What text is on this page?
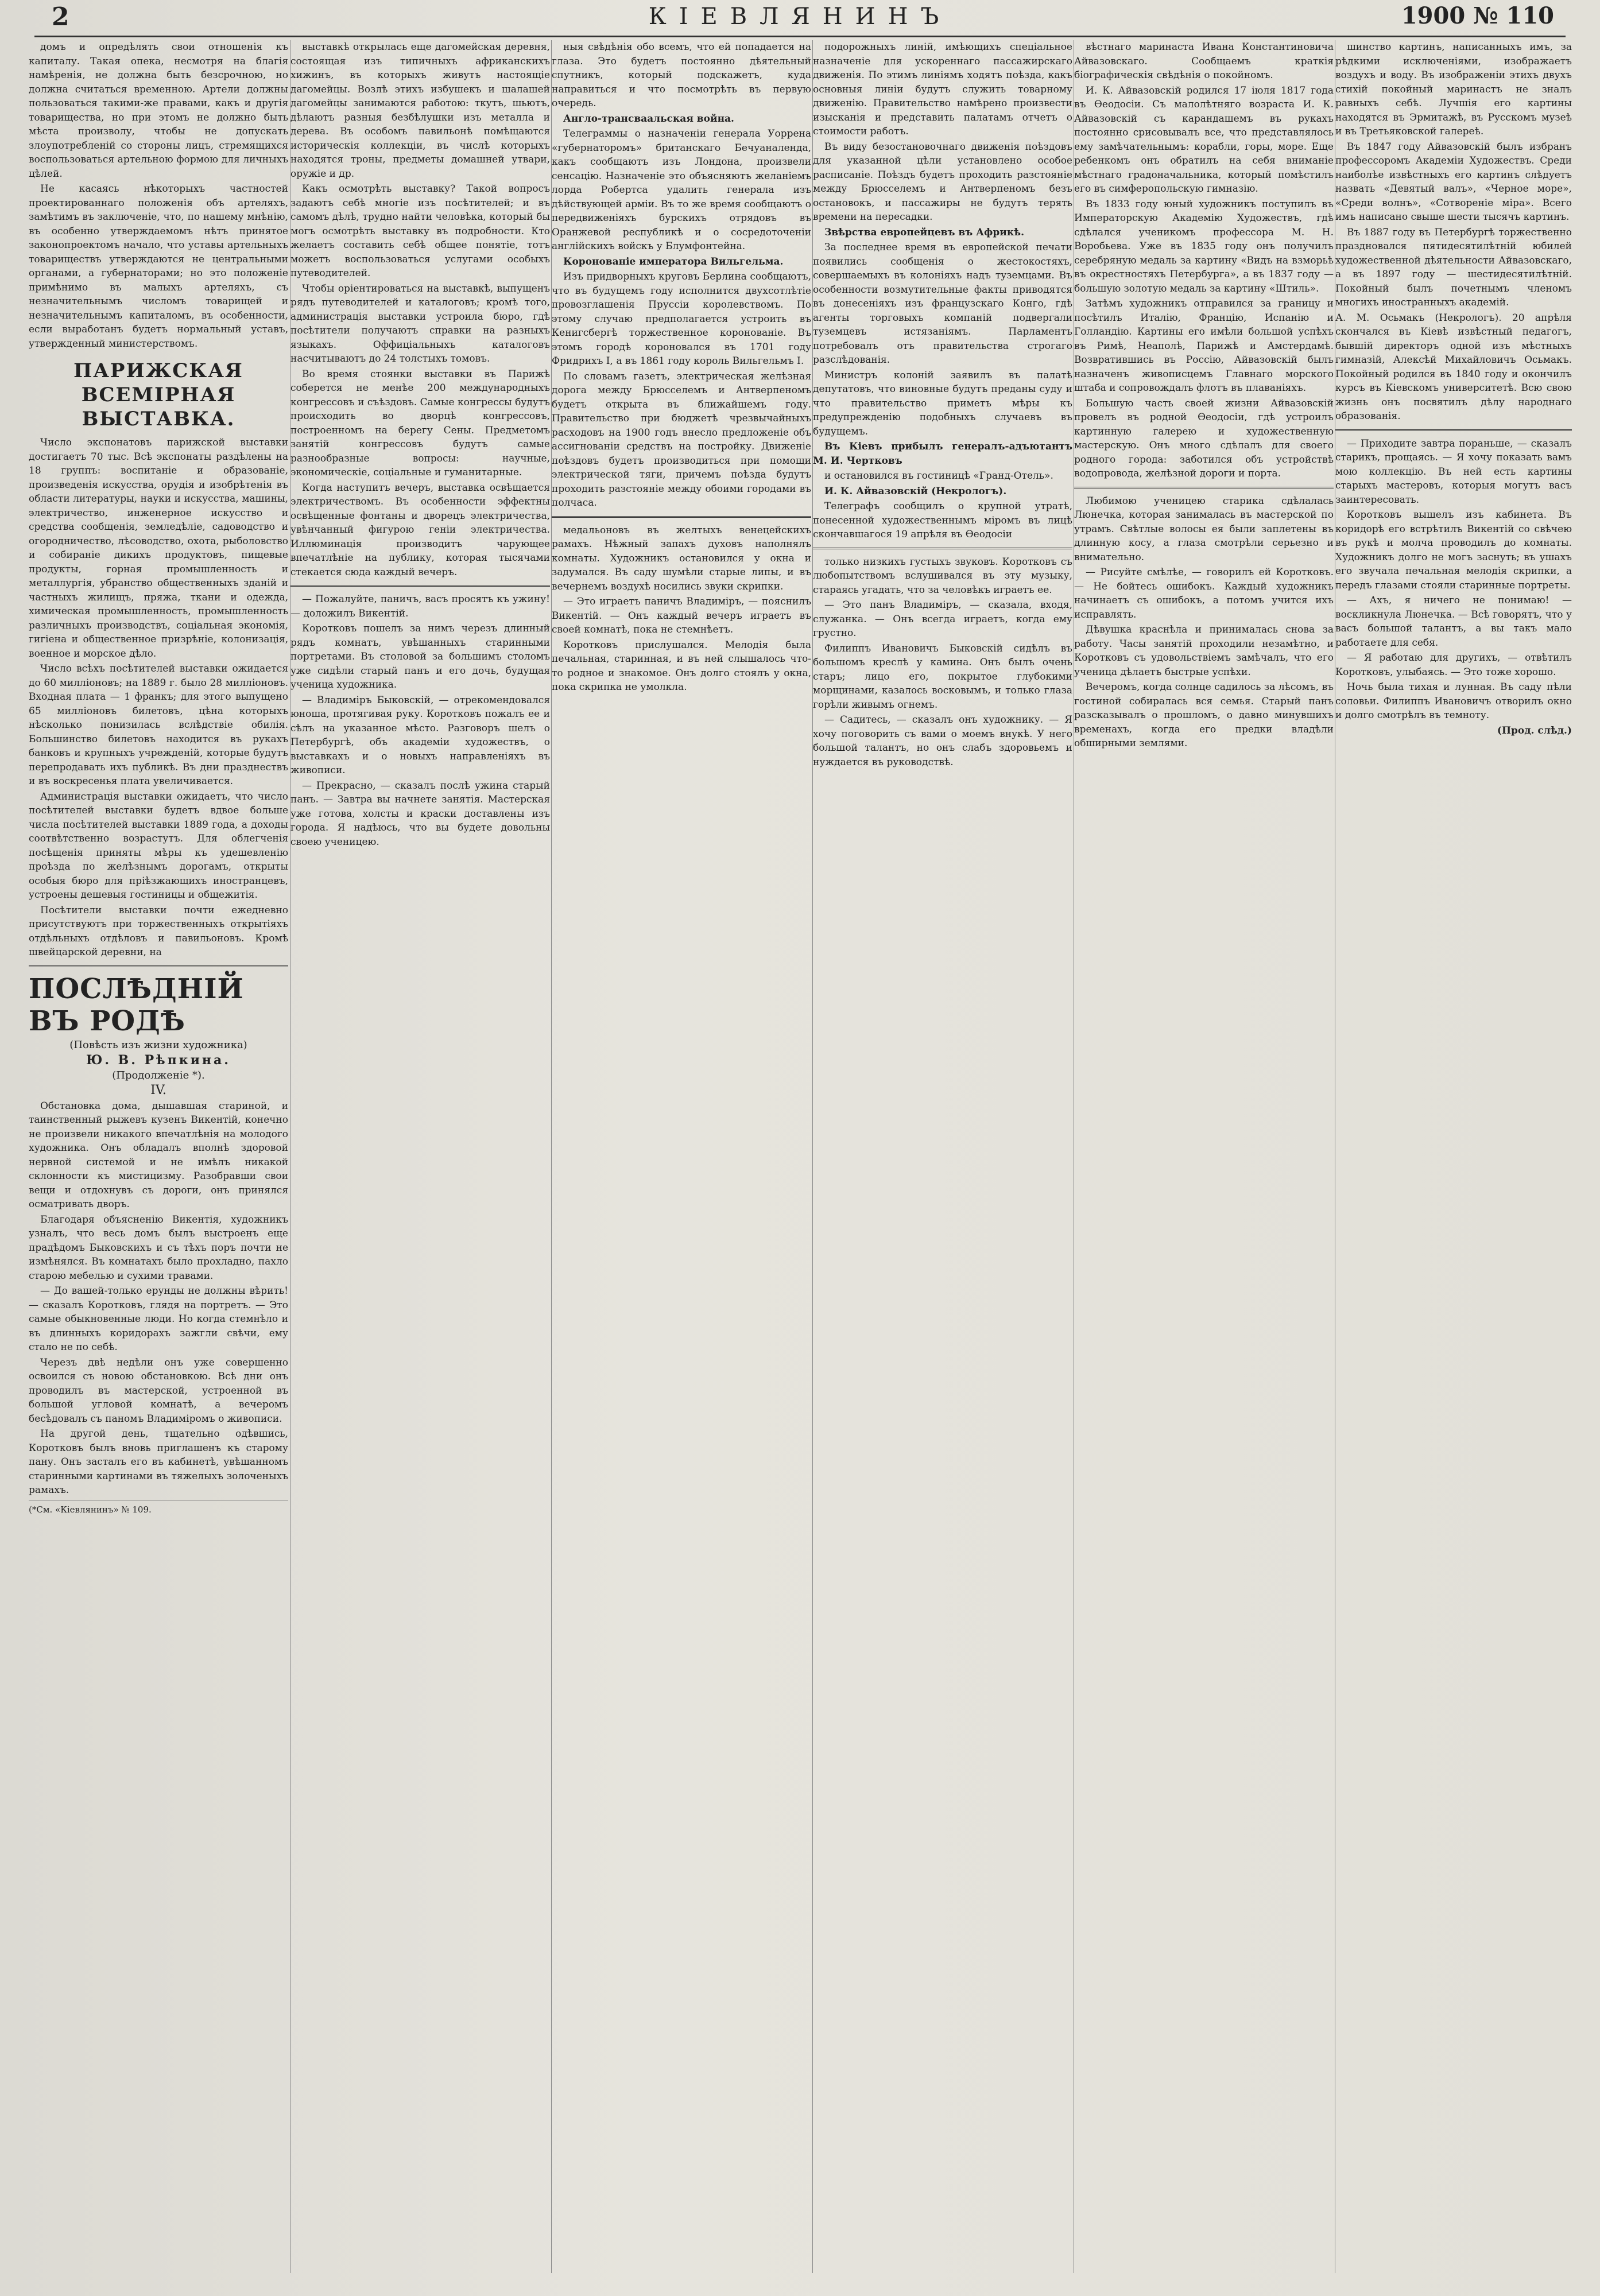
2	КІЕВЛЯНИНЪ	1900 № 110

домъ и опредѣлять свои отношенія къ капиталу. Такая опека, несмотря на благія намѣренія, не должна быть безсрочною, но должна считаться временною. Артели должны пользоваться такими-же правами, какъ и другія товарищества, но при этомъ не должно быть мѣста произволу, чтобы не допускать злоупотребленій со стороны лицъ, стремящихся воспользоваться артельною формою для личныхъ цѣлей.

Не касаясь нѣкоторыхъ частностей проектированнаго положенія объ артеляхъ, замѣтимъ въ заключеніе, что, по нашему мнѣнію, въ особенно утверждаемомъ нѣтъ принятое законопроектомъ начало, что уставы артельныхъ товариществъ утверждаются не центральными органами, а губернаторами; но это положеніе примѣнимо въ малыхъ артеляхъ, съ незначительнымъ числомъ товарищей и незначительнымъ капиталомъ, въ особенности, если выработанъ будетъ нормальный уставъ, утвержденный министерствомъ.

ПАРИЖСКАЯ ВСЕМІРНАЯ ВЫСТАВКА.

Число экспонатовъ парижской выставки достигаетъ 70 тыс. Всѣ экспонаты раздѣлены на 18 группъ: воспитаніе и образованіе, произведенія искусства, орудія и изобрѣтенія въ области литературы, науки и искусства, машины, электричество, инженерное искусство и средства сообщенія, земледѣліе, садоводство и огородничество, лѣсоводство, охота, рыболовство и собираніе дикихъ продуктовъ, пищевые продукты, горная промышленность и металлургія, убранство общественныхъ зданій и частныхъ жилищъ, пряжа, ткани и одежда, химическая промышленность, промышленность различныхъ производствъ, соціальная экономія, гигіена и общественное призрѣніе, колонизація, военное и морское дѣло.

Число всѣхъ посѣтителей выставки ожидается до 60 милліоновъ; на 1889 г. было 28 милліоновъ. Входная плата — 1 франкъ; для этого выпущено 65 милліоновъ билетовъ, цѣна которыхъ нѣсколько понизилась вслѣдствіе обилія. Большинство билетовъ находится въ рукахъ банковъ и крупныхъ учрежденій, которые будутъ перепродавать ихъ публикѣ. Въ дни празднествъ и въ воскресенья плата увеличивается.

Администрація выставки ожидаетъ, что число посѣтителей выставки будетъ вдвое больше числа посѣтителей выставки 1889 года, а доходы соотвѣтственно возрастутъ. Для облегченія посѣщенія приняты мѣры къ удешевленію проѣзда по желѣзнымъ дорогамъ, открыты особыя бюро для пріѣзжающихъ иностранцевъ, устроены дешевыя гостиницы и общежитія.

Посѣтители выставки почти ежедневно присутствуютъ при торжественныхъ открытіяхъ отдѣльныхъ отдѣловъ и павильоновъ. Кромѣ швейцарской деревни, на

ПОСЛѢДНІЙ ВЪ РОДѢ

(Повѣсть изъ жизни художника)

Ю. В. Рѣпкина.

(Продолженіе *).

IV.

Обстановка дома, дышавшая стариной, и таинственный рыжевъ кузенъ Викентій, конечно не произвели никакого впечатлѣнія на молодого художника. Онъ обладалъ вполнѣ здоровой нервной системой и не имѣлъ никакой склонности къ мистицизму. Разобравши свои вещи и отдохнувъ съ дороги, онъ принялся осматривать дворъ.

Благодаря объясненію Викентія, художникъ узналъ, что весь домъ былъ выстроенъ еще прадѣдомъ Быковскихъ и съ тѣхъ поръ почти не измѣнялся. Въ комнатахъ было прохладно, пахло старою мебелью и сухими травами.

— До вашей-только ерунды не должны вѣрить! — сказалъ Коротковъ, глядя на портретъ. — Это самые обыкновенные люди. Но когда стемнѣло и въ длинныхъ коридорахъ зажгли свѣчи, ему стало не по себѣ.

Черезъ двѣ недѣли онъ уже совершенно освоился съ новою обстановкою. Всѣ дни онъ проводилъ въ мастерской, устроенной въ большой угловой комнатѣ, а вечеромъ бесѣдовалъ съ паномъ Владиміромъ о живописи.

На другой день, тщательно одѣвшись, Коротковъ былъ вновь приглашенъ къ старому пану. Онъ засталъ его въ кабинетѣ, увѣшанномъ старинными картинами въ тяжелыхъ золоченыхъ рамахъ.

(*См. «Кіевлянинъ» № 109.

выставкѣ открылась еще дагомейская деревня, состоящая изъ типичныхъ африканскихъ хижинъ, въ которыхъ живутъ настоящіе дагомейцы. Возлѣ этихъ избушекъ и шалашей дагомейцы занимаются работою: ткутъ, шьютъ, дѣлаютъ разныя безбѣлушки изъ металла и дерева. Въ особомъ павильонѣ помѣщаются историческія коллекціи, въ числѣ которыхъ находятся троны, предметы домашней утвари, оружіе и др.

Какъ осмотрѣть выставку? Такой вопросъ задаютъ себѣ многіе изъ посѣтителей; и въ самомъ дѣлѣ, трудно найти человѣка, который бы могъ осмотрѣть выставку въ подробности. Кто желаетъ составить себѣ общее понятіе, тотъ можетъ воспользоваться услугами особыхъ путеводителей.

Чтобы оріентироваться на выставкѣ, выпущенъ рядъ путеводителей и каталоговъ; кромѣ того, администрація выставки устроила бюро, гдѣ посѣтители получаютъ справки на разныхъ языкахъ. Оффиціальныхъ каталоговъ насчитываютъ до 24 толстыхъ томовъ.

Во время стоянки выставки въ Парижѣ соберется не менѣе 200 международныхъ конгрессовъ и съѣздовъ. Самые конгрессы будутъ происходить во дворцѣ конгрессовъ, построенномъ на берегу Сены. Предметомъ занятій конгрессовъ будутъ самые разнообразные вопросы: научные, экономическіе, соціальные и гуманитарные.

Когда наступитъ вечеръ, выставка освѣщается электричествомъ. Въ особенности эффектны освѣщенные фонтаны и дворецъ электричества, увѣнчанный фигурою геніи электричества. Иллюминація производитъ чарующее впечатлѣніе на публику, которая тысячами стекается сюда каждый вечеръ.

— Пожалуйте, паничъ, васъ просятъ къ ужину! — доложилъ Викентій.

Коротковъ пошелъ за нимъ черезъ длинный рядъ комнатъ, увѣшанныхъ старинными портретами. Въ столовой за большимъ столомъ уже сидѣли старый панъ и его дочь, будущая ученица художника.

— Владиміръ Быковскій, — отрекомендовался юноша, протягивая руку. Коротковъ пожалъ ее и сѣлъ на указанное мѣсто. Разговоръ шелъ о Петербургѣ, объ академіи художествъ, о выставкахъ и о новыхъ направленіяхъ въ живописи.

— Прекрасно, — сказалъ послѣ ужина старый панъ. — Завтра вы начнете занятія. Мастерская уже готова, холсты и краски доставлены изъ города. Я надѣюсь, что вы будете довольны своею ученицею.

ныя свѣдѣнія обо всемъ, что ей попадается на глаза. Это будетъ постоянно дѣятельный спутникъ, который подскажетъ, куда направиться и что посмотрѣть въ первую очередь.

Англо-трансваальская война.

Телеграммы о назначеніи генерала Уоррена «губернаторомъ» британскаго Бечуаналенда, какъ сообщаютъ изъ Лондона, произвели сенсацію. Назначеніе это объясняютъ желаніемъ лорда Робертса удалить генерала изъ дѣйствующей арміи. Въ то же время сообщаютъ о передвиженіяхъ бурскихъ отрядовъ въ Оранжевой республикѣ и о сосредоточеніи англійскихъ войскъ у Блумфонтейна.

Коронованіе императора Вильгельма.

Изъ придворныхъ круговъ Берлина сообщаютъ, что въ будущемъ году исполнится двухсотлѣтіе провозглашенія Пруссіи королевствомъ. По этому случаю предполагается устроить въ Кенигсбергѣ торжественное коронованіе. Въ этомъ городѣ короновался въ 1701 году Фридрихъ I, а въ 1861 году король Вильгельмъ I.

По словамъ газетъ, электрическая желѣзная дорога между Брюсселемъ и Антверпеномъ будетъ открыта въ ближайшемъ году. Правительство при бюджетѣ чрезвычайныхъ расходовъ на 1900 годъ внесло предложеніе объ ассигнованіи средствъ на постройку. Движеніе поѣздовъ будетъ производиться при помощи электрической тяги, причемъ поѣзда будутъ проходить разстояніе между обоими городами въ полчаса.

медальоновъ въ желтыхъ венецейскихъ рамахъ. Нѣжный запахъ духовъ наполнялъ комнаты. Художникъ остановился у окна и задумался. Въ саду шумѣли старые липы, и въ вечернемъ воздухѣ носились звуки скрипки.

— Это играетъ паничъ Владиміръ, — пояснилъ Викентій. — Онъ каждый вечеръ играетъ въ своей комнатѣ, пока не стемнѣетъ.

Коротковъ прислушался. Мелодія была печальная, старинная, и въ ней слышалось что-то родное и знакомое. Онъ долго стоялъ у окна, пока скрипка не умолкла.

подорожныхъ линій, имѣющихъ спеціальное назначеніе для ускореннаго пассажирскаго движенія. По этимъ линіямъ ходятъ поѣзда, какъ основныя линіи будутъ служить товарному движенію. Правительство намѣрено произвести изысканія и представить палатамъ отчетъ о стоимости работъ.

Въ виду безостановочнаго движенія поѣздовъ для указанной цѣли установлено особое расписаніе. Поѣздъ будетъ проходить разстояніе между Брюсселемъ и Антверпеномъ безъ остановокъ, и пассажиры не будутъ терять времени на пересадки.

Звѣрства европейцевъ въ Африкѣ.

За последнее время въ европейской печати появились сообщенія о жестокостяхъ, совершаемыхъ въ колоніяхъ надъ туземцами. Въ особенности возмутительные факты приводятся въ донесеніяхъ изъ французскаго Конго, гдѣ агенты торговыхъ компаній подвергали туземцевъ истязаніямъ. Парламентъ потребовалъ отъ правительства строгаго разслѣдованія.

Министръ колоній заявилъ въ палатѣ депутатовъ, что виновные будутъ преданы суду и что правительство приметъ мѣры къ предупрежденію подобныхъ случаевъ въ будущемъ.

Въ Кіевъ прибылъ генералъ-адъютантъ М. И. Чертковъ

и остановился въ гостиницѣ «Гранд-Отель».

И. К. Айвазовскій (Некрологъ).

Телеграфъ сообщилъ о крупной утратѣ, понесенной художественнымъ міромъ въ лицѣ скончавшагося 19 апрѣля въ Ѳеодосіи

только низкихъ густыхъ звуковъ. Коротковъ съ любопытствомъ вслушивался въ эту музыку, стараясь угадать, что за человѣкъ играетъ ее.

— Это панъ Владиміръ, — сказала, входя, служанка. — Онъ всегда играетъ, когда ему грустно.

Филиппъ Ивановичъ Быковскій сидѣлъ въ большомъ креслѣ у камина. Онъ былъ очень старъ; лицо его, покрытое глубокими морщинами, казалось восковымъ, и только глаза горѣли живымъ огнемъ.

— Садитесь, — сказалъ онъ художнику. — Я хочу поговорить съ вами о моемъ внукѣ. У него большой талантъ, но онъ слабъ здоровьемъ и нуждается въ руководствѣ.

вѣстнаго маринаста Ивана Константиновича Айвазовскаго. Сообщаемъ краткія біографическія свѣдѣнія о покойномъ.

И. К. Айвазовскій родился 17 іюля 1817 года въ Ѳеодосіи. Съ малолѣтняго возраста И. К. Айвазовскій съ карандашемъ въ рукахъ постоянно срисовывалъ все, что представлялось ему замѣчательнымъ: корабли, горы, море. Еще ребенкомъ онъ обратилъ на себя вниманіе мѣстнаго градоначальника, который помѣстилъ его въ симферопольскую гимназію.

Въ 1833 году юный художникъ поступилъ въ Императорскую Академію Художествъ, гдѣ сдѣлался ученикомъ профессора М. Н. Воробьева. Уже въ 1835 году онъ получилъ серебряную медаль за картину «Видъ на взморьѣ въ окрестностяхъ Петербурга», а въ 1837 году — большую золотую медаль за картину «Штиль».

Затѣмъ художникъ отправился за границу и посѣтилъ Италію, Францію, Испанію и Голландію. Картины его имѣли большой успѣхъ въ Римѣ, Неаполѣ, Парижѣ и Амстердамѣ. Возвратившись въ Россію, Айвазовскій былъ назначенъ живописцемъ Главнаго морского штаба и сопровождалъ флотъ въ плаваніяхъ.

Большую часть своей жизни Айвазовскій провелъ въ родной Ѳеодосіи, гдѣ устроилъ картинную галерею и художественную мастерскую. Онъ много сдѣлалъ для своего родного города: заботился объ устройствѣ водопровода, желѣзной дороги и порта.

Любимою ученицею старика сдѣлалась Люнечка, которая занималась въ мастерской по утрамъ. Свѣтлые волосы ея были заплетены въ длинную косу, а глаза смотрѣли серьезно и внимательно.

— Рисуйте смѣлѣе, — говорилъ ей Коротковъ. — Не бойтесь ошибокъ. Каждый художникъ начинаетъ съ ошибокъ, а потомъ учится ихъ исправлять.

Дѣвушка краснѣла и принималась снова за работу. Часы занятій проходили незамѣтно, и Коротковъ съ удовольствіемъ замѣчалъ, что его ученица дѣлаетъ быстрые успѣхи.

Вечеромъ, когда солнце садилось за лѣсомъ, въ гостиной собиралась вся семья. Старый панъ разсказывалъ о прошломъ, о давно минувшихъ временахъ, когда его предки владѣли обширными землями.

шинство картинъ, написанныхъ имъ, за рѣдкими исключеніями, изображаетъ воздухъ и воду. Въ изображеніи этихъ двухъ стихій покойный маринастъ не зналъ равныхъ себѣ. Лучшія его картины находятся въ Эрмитажѣ, въ Русскомъ музеѣ и въ Третьяковской галереѣ.

Въ 1847 году Айвазовскій былъ избранъ профессоромъ Академіи Художествъ. Среди наиболѣе извѣстныхъ его картинъ слѣдуетъ назвать «Девятый валъ», «Черное море», «Среди волнъ», «Сотвореніе міра». Всего имъ написано свыше шести тысячъ картинъ.

Въ 1887 году въ Петербургѣ торжественно праздновался пятидесятилѣтній юбилей художественной дѣятельности Айвазовскаго, а въ 1897 году — шестидесятилѣтній. Покойный былъ почетнымъ членомъ многихъ иностранныхъ академій.

А. М. Осьмакъ (Некрологъ). 20 апрѣля скончался въ Кіевѣ извѣстный педагогъ, бывшій директоръ одной изъ мѣстныхъ гимназій, Алексѣй Михайловичъ Осьмакъ. Покойный родился въ 1840 году и окончилъ курсъ въ Кіевскомъ университетѣ. Всю свою жизнь онъ посвятилъ дѣлу народнаго образованія.

— Приходите завтра пораньше, — сказалъ старикъ, прощаясь. — Я хочу показать вамъ мою коллекцію. Въ ней есть картины старыхъ мастеровъ, которыя могутъ васъ заинтересовать.

Коротковъ вышелъ изъ кабинета. Въ коридорѣ его встрѣтилъ Викентій со свѣчею въ рукѣ и молча проводилъ до комнаты. Художникъ долго не могъ заснуть; въ ушахъ его звучала печальная мелодія скрипки, а передъ глазами стояли старинные портреты.

— Ахъ, я ничего не понимаю! — воскликнула Люнечка. — Всѣ говорятъ, что у васъ большой талантъ, а вы такъ мало работаете для себя.

— Я работаю для другихъ, — отвѣтилъ Коротковъ, улыбаясь. — Это тоже хорошо.

Ночь была тихая и лунная. Въ саду пѣли соловьи. Филиппъ Ивановичъ отворилъ окно и долго смотрѣлъ въ темноту.

(Прод. слѣд.)
